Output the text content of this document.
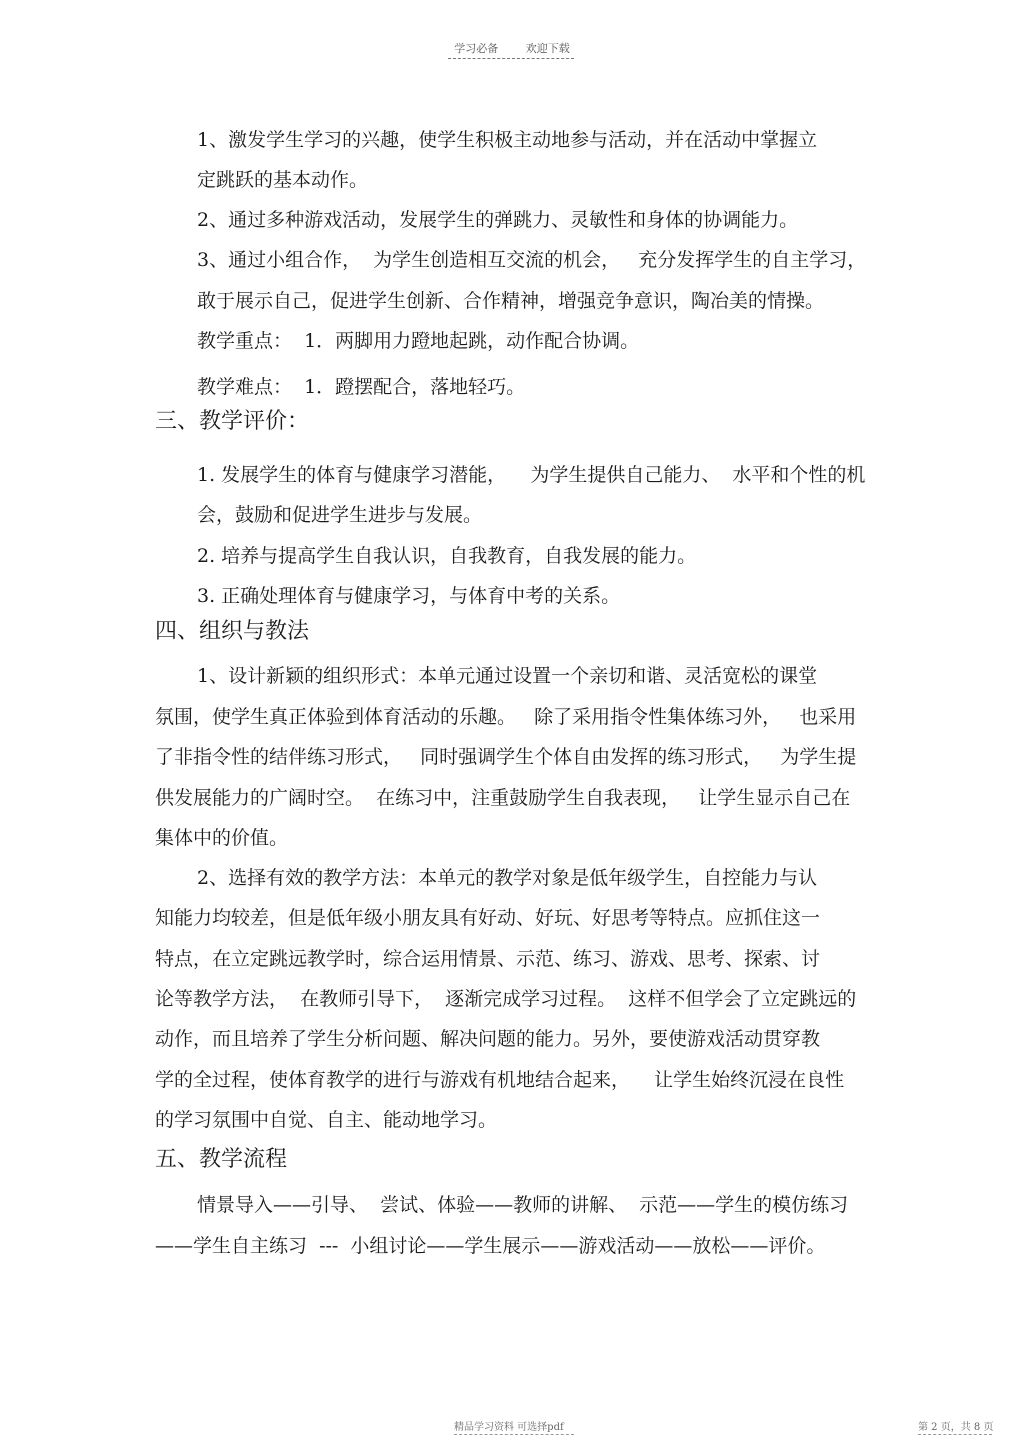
学习必备	欢迎下载
1、激发学生学习的兴趣，使学生积极主动地参与活动，并在活动中掌握立
定跳跃的基本动作。
2、通过多种游戏活动，发展学生的弹跳力、灵敏性和身体的协调能力。
3、通过小组合作，  为学生创造相互交流的机会，   充分发挥学生的自主学习，
敢于展示自己，促进学生创新、合作精神，增强竞争意识，陶冶美的情操。
教学重点：  1．两脚用力蹬地起跳，动作配合协调。
教学难点：  1．蹬摆配合，落地轻巧。
三、教学评价：
1. 发展学生的体育与健康学习潜能，    为学生提供自己能力、  水平和个性的机
会，鼓励和促进学生进步与发展。
2. 培养与提高学生自我认识，自我教育，自我发展的能力。
3. 正确处理体育与健康学习，与体育中考的关系。
四、组织与教法
1、设计新颖的组织形式：本单元通过设置一个亲切和谐、灵活宽松的课堂
氛围，使学生真正体验到体育活动的乐趣。   除了采用指令性集体练习外，   也采用
了非指令性的结伴练习形式，   同时强调学生个体自由发挥的练习形式，   为学生提
供发展能力的广阔时空。  在练习中，注重鼓励学生自我表现，   让学生显示自己在
集体中的价值。
2、选择有效的教学方法：本单元的教学对象是低年级学生，自控能力与认
知能力均较差，但是低年级小朋友具有好动、好玩、好思考等特点。应抓住这一
特点，在立定跳远教学时，综合运用情景、示范、练习、游戏、思考、探索、讨
论等教学方法，  在教师引导下，  逐渐完成学习过程。  这样不但学会了立定跳远的
动作，而且培养了学生分析问题、解决问题的能力。另外，要使游戏活动贯穿教
学的全过程，使体育教学的进行与游戏有机地结合起来，    让学生始终沉浸在良性
的学习氛围中自觉、自主、能动地学习。
五、教学流程
情景导入——引导、  尝试、体验——教师的讲解、  示范——学生的模仿练习
——学生自主练习  ---  小组讨论——学生展示——游戏活动——放松——评价。
精品学习资料 可选择pdf	第 2 页，共 8 页
